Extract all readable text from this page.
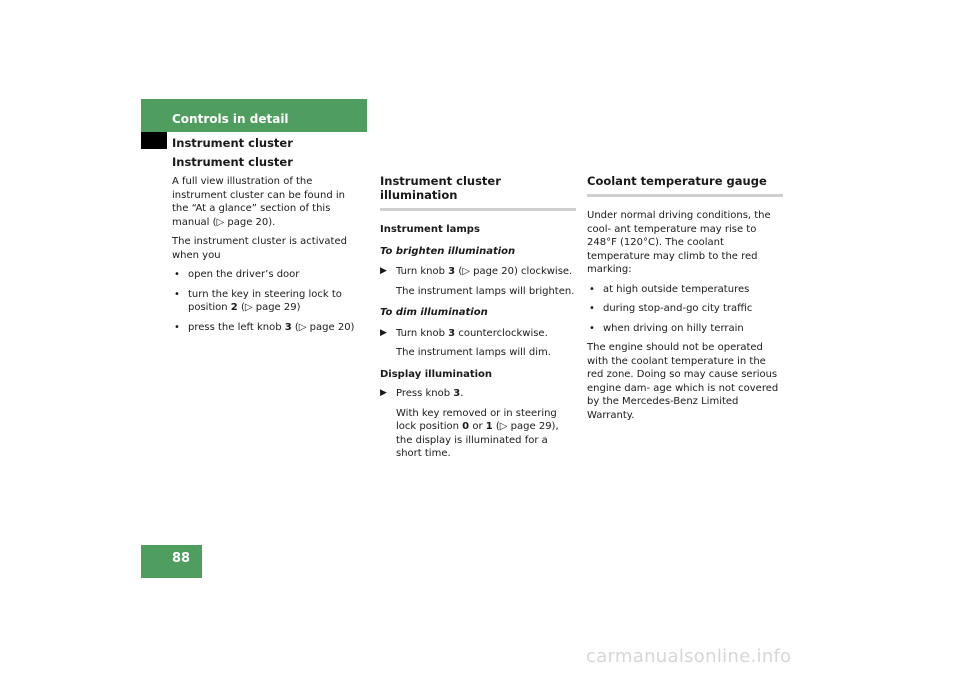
Controls in detail
Instrument cluster

Instrument cluster

A full view illustration of the instrument cluster can be found in the “At a glance” section of this manual (▷ page 20).

The instrument cluster is activated when you

• open the driver’s door

• turn the key in steering lock to position 2 (▷ page 29)

• press the left knob 3 (▷ page 20)

Instrument cluster illumination

Instrument lamps

To brighten illumination

▶ Turn knob 3 (▷ page 20) clockwise.

The instrument lamps will brighten.

To dim illumination

▶ Turn knob 3 counterclockwise.

The instrument lamps will dim.

Display illumination

▶ Press knob 3.

With key removed or in steering lock position 0 or 1 (▷ page 29), the display is illuminated for a short time.

Coolant temperature gauge

Under normal driving conditions, the cool- ant temperature may rise to 248°F (120°C). The coolant temperature may climb to the red marking:

• at high outside temperatures

• during stop-and-go city traffic

• when driving on hilly terrain

The engine should not be operated with the coolant temperature in the red zone. Doing so may cause serious engine dam- age which is not covered by the Mercedes-Benz Limited Warranty.

88
carmanualsonline.info
